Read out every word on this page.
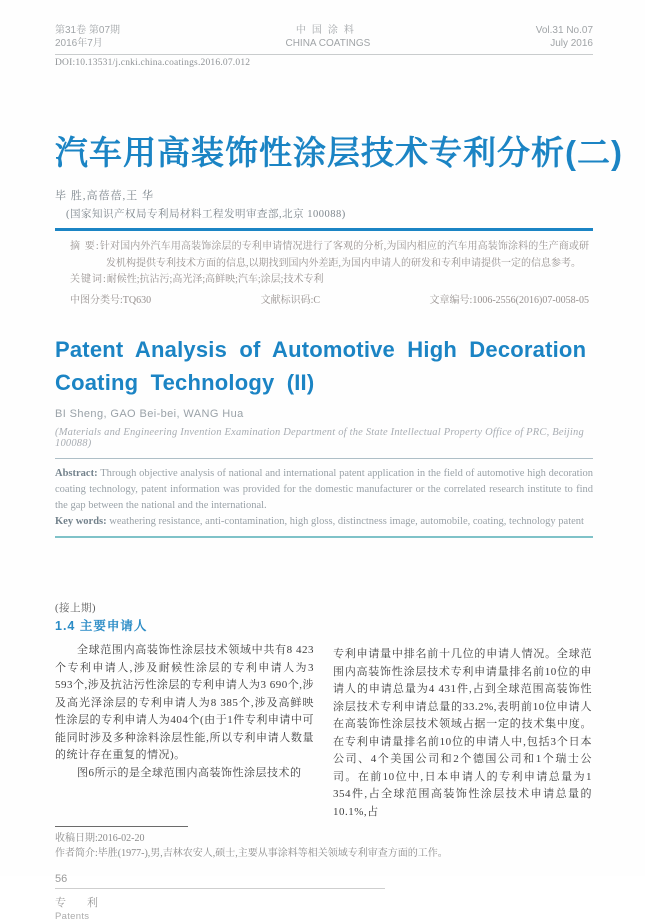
第31卷 第07期
2016年7月
中国涂料
CHINA COATINGS
Vol.31 No.07
July 2016
DOI:10.13531/j.cnki.china.coatings.2016.07.012
汽车用高装饰性涂层技术专利分析(二)
毕 胜,高蓓蓓,王 华
(国家知识产权局专利局材料工程发明审查部,北京 100088)

摘 要:针对国内外汽车用高装饰涂层的专利申请情况进行了客观的分析,为国内相应的汽车用高装饰涂料的生产商或研发机构提供专利技术方面的信息,以期找到国内外差距,为国内申请人的研发和专利申请提供一定的信息参考。

关键词:耐候性;抗沾污;高光泽;高鲜映;汽车;涂层;技术专利

中图分类号:TQ630	文献标识码:C	文章编号:1006-2556(2016)07-0058-05
Patent Analysis of Automotive High Decoration Coating Technology (II)
BI Sheng, GAO Bei-bei, WANG Hua
(Materials and Engineering Invention Examination Department of the State Intellectual Property Office of PRC, Beijing 100088)

Abstract: Through objective analysis of national and international patent application in the field of automotive high decoration coating technology, patent information was provided for the domestic manufacturer or the correlated research institute to find the gap between the national and the international.

Key words: weathering resistance, anti-contamination, high gloss, distinctness image, automobile, coating, technology patent

(接上期)

1.4 主要申请人

全球范围内高装饰性涂层技术领域中共有8 423个专利申请人,涉及耐候性涂层的专利申请人为3 593个,涉及抗沾污性涂层的专利申请人为3 690个,涉及高光泽涂层的专利申请人为8 385个,涉及高鲜映性涂层的专利申请人为404个(由于1件专利申请中可能同时涉及多种涂料涂层性能,所以专利申请人数量的统计存在重复的情况)。

图6所示的是全球范围内高装饰性涂层技术的

专利申请量中排名前十几位的申请人情况。全球范围内高装饰性涂层技术专利申请量排名前10位的申请人的申请总量为4 431件,占到全球范围高装饰性涂层技术专利申请总量的33.2%,表明前10位申请人在高装饰性涂层技术领域占据一定的技术集中度。在专利申请量排名前10位的申请人中,包括3个日本公司、4个美国公司和2个德国公司和1个瑞士公司。在前10位中,日本申请人的专利申请总量为1 354件,占全球范围高装饰性涂层技术申请总量的10.1%,占

收稿日期:2016-02-20

作者简介:毕胜(1977-),男,吉林农安人,硕士,主要从事涂料等相关领域专利审查方面的工作。

56
专 利
Patents
